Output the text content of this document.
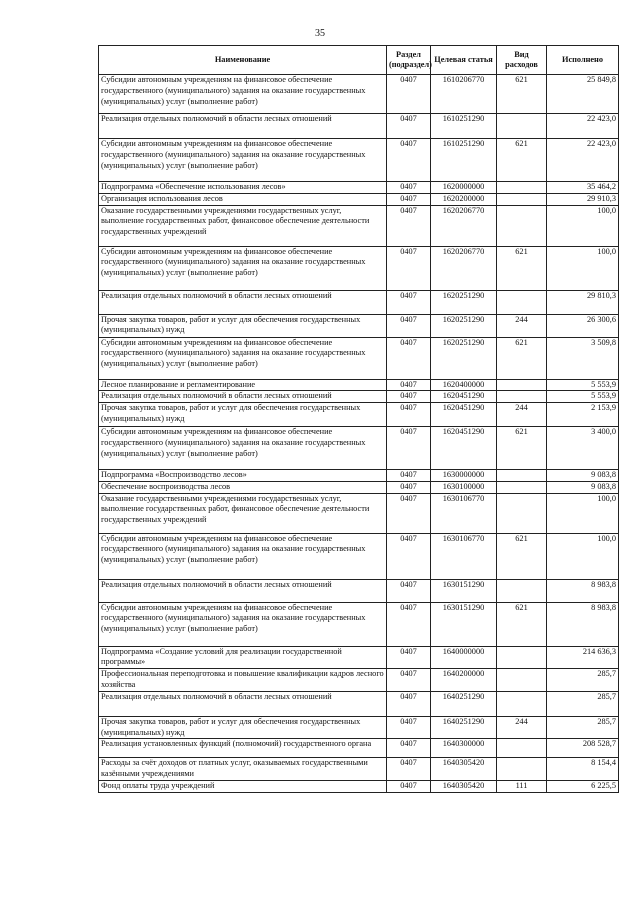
35
Наименование	Раздел (подраздел)	Целевая статья	Вид расходов	Исполнено
Субсидии автономным учреждениям на финансовое обеспечение государственного (муниципального) задания на оказание государственных (муниципальных) услуг (выполнение работ)	0407	1610206770	621	25 849,8
Реализация отдельных полномочий в области лесных отношений	0407	1610251290		22 423,0
Субсидии автономным учреждениям на финансовое обеспечение государственного (муниципального) задания на оказание государственных (муниципальных) услуг (выполнение работ)	0407	1610251290	621	22 423,0
Подпрограмма «Обеспечение использования лесов»	0407	1620000000		35 464,2
Организация использования лесов	0407	1620200000		29 910,3
Оказание государственными учреждениями государственных услуг, выполнение государственных работ, финансовое обеспечение деятельности государственных учреждений	0407	1620206770		100,0
Субсидии автономным учреждениям на финансовое обеспечение государственного (муниципального) задания на оказание государственных (муниципальных) услуг (выполнение работ)	0407	1620206770	621	100,0
Реализация отдельных полномочий в области лесных отношений	0407	1620251290		29 810,3
Прочая закупка товаров, работ и услуг для обеспечения государственных (муниципальных) нужд	0407	1620251290	244	26 300,6
Субсидии автономным учреждениям на финансовое обеспечение государственного (муниципального) задания на оказание государственных (муниципальных) услуг (выполнение работ)	0407	1620251290	621	3 509,8
Лесное планирование и регламентирование	0407	1620400000		5 553,9
Реализация отдельных полномочий в области лесных отношений	0407	1620451290		5 553,9
Прочая закупка товаров, работ и услуг для обеспечения государственных (муниципальных) нужд	0407	1620451290	244	2 153,9
Субсидии автономным учреждениям на финансовое обеспечение государственного (муниципального) задания на оказание государственных (муниципальных) услуг (выполнение работ)	0407	1620451290	621	3 400,0
Подпрограмма «Воспроизводство лесов»	0407	1630000000		9 083,8
Обеспечение воспроизводства лесов	0407	1630100000		9 083,8
Оказание государственными учреждениями государственных услуг, выполнение государственных работ, финансовое обеспечение деятельности государственных учреждений	0407	1630106770		100,0
Субсидии автономным учреждениям на финансовое обеспечение государственного (муниципального) задания на оказание государственных (муниципальных) услуг (выполнение работ)	0407	1630106770	621	100,0
Реализация отдельных полномочий в области лесных отношений	0407	1630151290		8 983,8
Субсидии автономным учреждениям на финансовое обеспечение государственного (муниципального) задания на оказание государственных (муниципальных) услуг (выполнение работ)	0407	1630151290	621	8 983,8
Подпрограмма «Создание условий для реализации государственной программы»	0407	1640000000		214 636,3
Профессиональная переподготовка и повышение квалификации кадров лесного хозяйства	0407	1640200000		285,7
Реализация отдельных полномочий в области лесных отношений	0407	1640251290		285,7
Прочая закупка товаров, работ и услуг для обеспечения государственных (муниципальных) нужд	0407	1640251290	244	285,7
Реализация установленных функций (полномочий) государственного органа	0407	1640300000		208 528,7
Расходы за счёт доходов от платных услуг, оказываемых государственными казёнными учреждениями	0407	1640305420		8 154,4
Фонд оплаты труда учреждений	0407	1640305420	111	6 225,5
